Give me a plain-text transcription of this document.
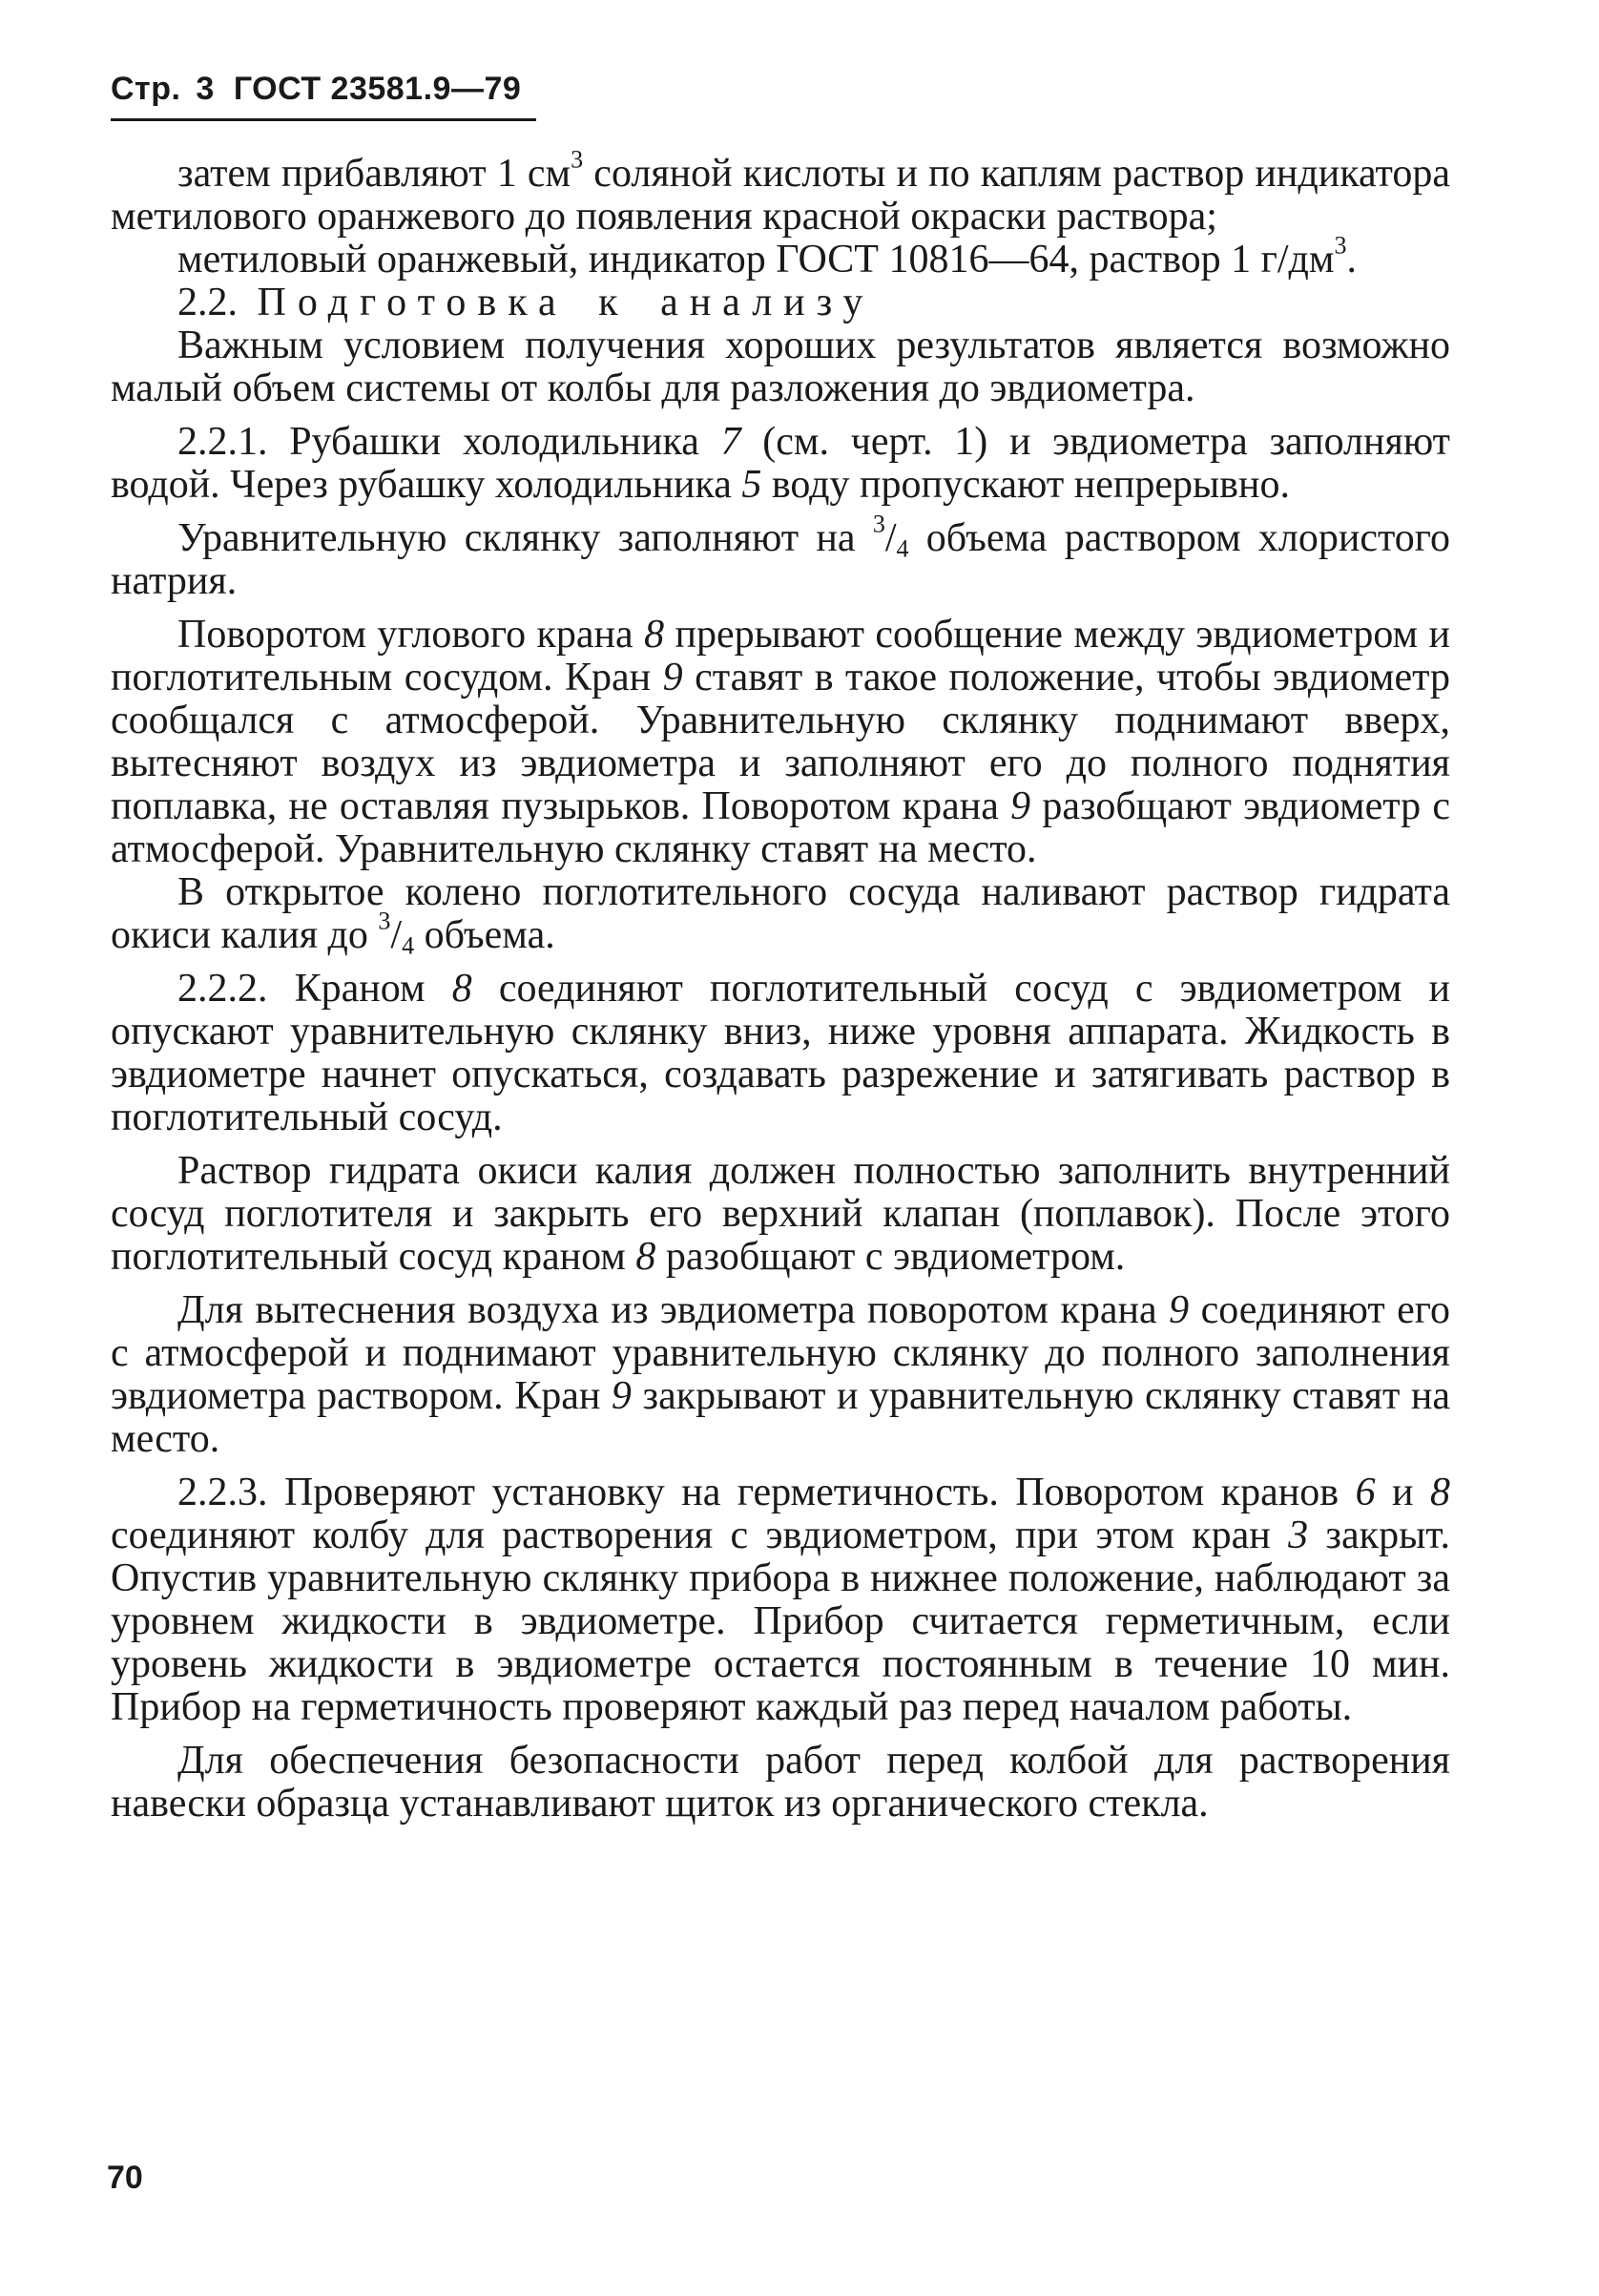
Стр. 3 ГОСТ 23581.9—79

затем прибавляют 1 $см^3$ соляной кислоты и по каплям раствор индикатора метилового оранжевого до появления красной окраски раствора;

метиловый оранжевый, индикатор ГОСТ 10816—64, раствор 1 $г/дм^3$.

2.2. Подготовка к анализу

Важным условием получения хороших результатов является возможно малый объем системы от колбы для разложения до эвдиометра.

2.2.1. Рубашки холодильника 7 (см. черт. 1) и эвдиометра заполняют водой. Через рубашку холодильника 5 воду пропускают непрерывно.

Уравнительную склянку заполняют на $^3/_4$ объема раствором хлористого натрия.

Поворотом углового крана 8 прерывают сообщение между эвдиометром и поглотительным сосудом. Кран 9 ставят в такое положение, чтобы эвдиометр сообщался с атмосферой. Уравнительную склянку поднимают вверх, вытесняют воздух из эвдиометра и заполняют его до полного поднятия поплавка, не оставляя пузырьков. Поворотом крана 9 разобщают эвдиометр с атмосферой. Уравнительную склянку ставят на место.

В открытое колено поглотительного сосуда наливают раствор гидрата окиси калия до $^3/_4$ объема.

2.2.2. Краном 8 соединяют поглотительный сосуд с эвдиометром и опускают уравнительную склянку вниз, ниже уровня аппарата. Жидкость в эвдиометре начнет опускаться, создавать разрежение и затягивать раствор в поглотительный сосуд.

Раствор гидрата окиси калия должен полностью заполнить внутренний сосуд поглотителя и закрыть его верхний клапан (поплавок). После этого поглотительный сосуд краном 8 разобщают с эвдиометром.

Для вытеснения воздуха из эвдиометра поворотом крана 9 соединяют его с атмосферой и поднимают уравнительную склянку до полного заполнения эвдиометра раствором. Кран 9 закрывают и уравнительную склянку ставят на место.

2.2.3. Проверяют установку на герметичность. Поворотом кранов 6 и 8 соединяют колбу для растворения с эвдиометром, при этом кран 3 закрыт. Опустив уравнительную склянку прибора в нижнее положение, наблюдают за уровнем жидкости в эвдиометре. Прибор считается герметичным, если уровень жидкости в эвдиометре остается постоянным в течение 10 мин. Прибор на герметичность проверяют каждый раз перед началом работы.

Для обеспечения безопасности работ перед колбой для растворения навески образца устанавливают щиток из органического стекла.

70
